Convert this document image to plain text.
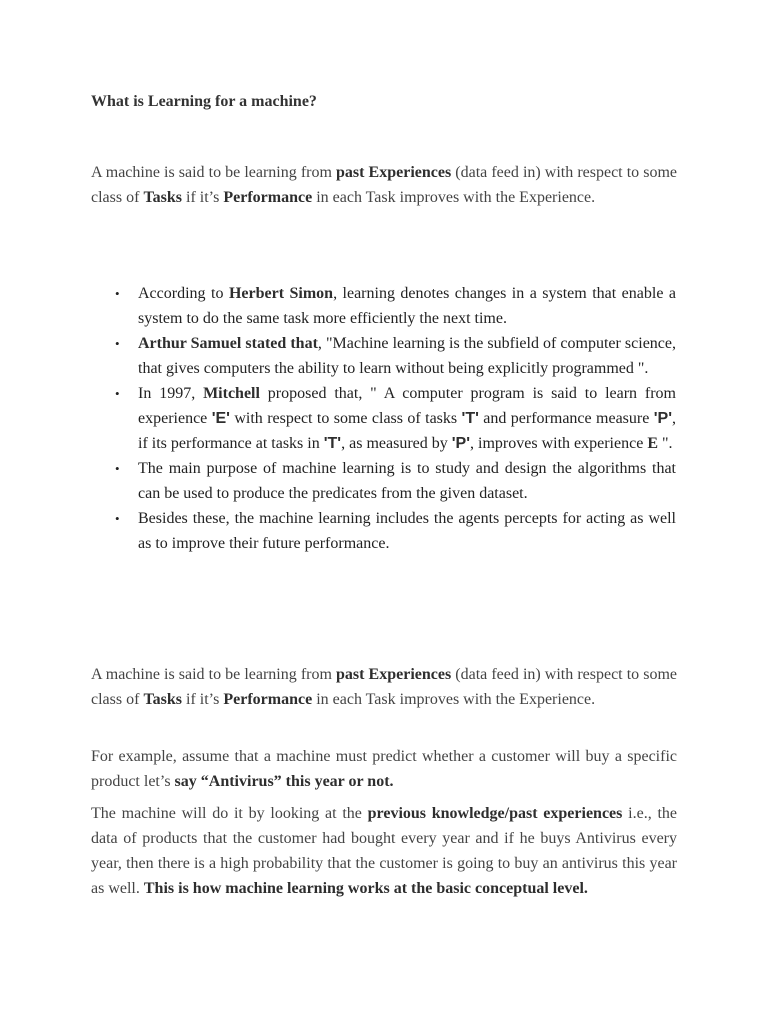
What is Learning for a machine?

A machine is said to be learning from past Experiences (data feed in) with respect to some class of Tasks if it’s Performance in each Task improves with the Experience.

• According to Herbert Simon, learning denotes changes in a system that enable a system to do the same task more efficiently the next time.
• Arthur Samuel stated that, "Machine learning is the subfield of computer science, that gives computers the ability to learn without being explicitly programmed ".
• In 1997, Mitchell proposed that, " A computer program is said to learn from experience 'E' with respect to some class of tasks 'T' and performance measure 'P', if its performance at tasks in 'T', as measured by 'P', improves with experience E ".
• The main purpose of machine learning is to study and design the algorithms that can be used to produce the predicates from the given dataset.
• Besides these, the machine learning includes the agents percepts for acting as well as to improve their future performance.

A machine is said to be learning from past Experiences (data feed in) with respect to some class of Tasks if it’s Performance in each Task improves with the Experience.

For example, assume that a machine must predict whether a customer will buy a specific product let’s say “Antivirus” this year or not.

The machine will do it by looking at the previous knowledge/past experiences i.e., the data of products that the customer had bought every year and if he buys Antivirus every year, then there is a high probability that the customer is going to buy an antivirus this year as well. This is how machine learning works at the basic conceptual level.
